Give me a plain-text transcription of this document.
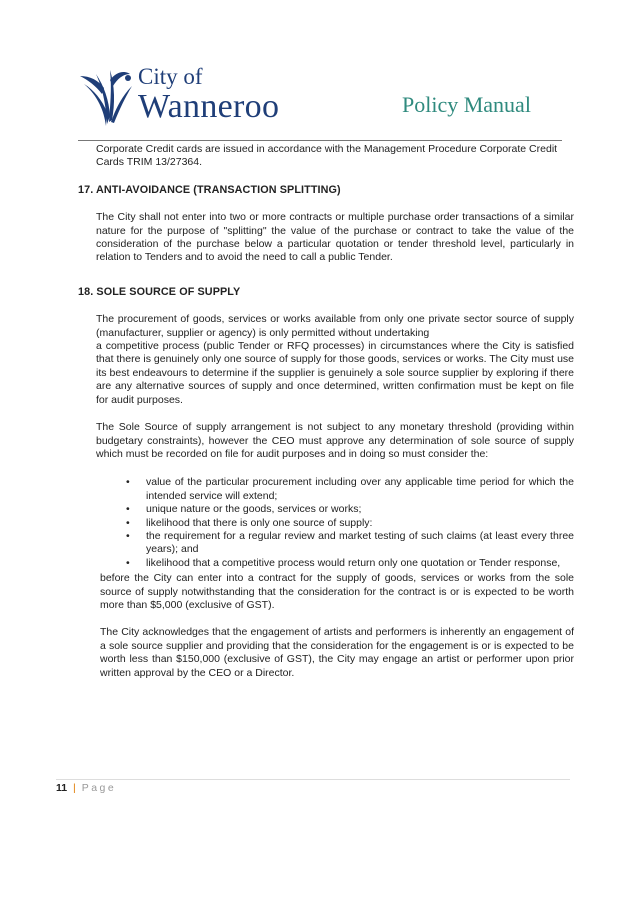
City of
Wanneroo	Policy Manual

Corporate Credit cards are issued in accordance with the Management Procedure Corporate Credit Cards TRIM 13/27364.

17. ANTI-AVOIDANCE (TRANSACTION SPLITTING)

The City shall not enter into two or more contracts or multiple purchase order transactions of a similar nature for the purpose of "splitting" the value of the purchase or contract to take the value of the consideration of the purchase below a particular quotation or tender threshold level, particularly in relation to Tenders and to avoid the need to call a public Tender.

18. SOLE SOURCE OF SUPPLY

The procurement of goods, services or works available from only one private sector source of supply (manufacturer, supplier or agency) is only permitted without undertaking

a competitive process (public Tender or RFQ processes) in circumstances where the City is satisfied that there is genuinely only one source of supply for those goods, services or works. The City must use its best endeavours to determine if the supplier is genuinely a sole source supplier by exploring if there are any alternative sources of supply and once determined, written confirmation must be kept on file for audit purposes.

The Sole Source of supply arrangement is not subject to any monetary threshold (providing within budgetary constraints), however the CEO must approve any determination of sole source of supply which must be recorded on file for audit purposes and in doing so must consider the:

• value of the particular procurement including over any applicable time period for which the intended service will extend;
• unique nature or the goods, services or works;
• likelihood that there is only one source of supply:
• the requirement for a regular review and market testing of such claims (at least every three years); and
• likelihood that a competitive process would return only one quotation or Tender response,

before the City can enter into a contract for the supply of goods, services or works from the sole source of supply notwithstanding that the consideration for the contract is or is expected to be worth more than $5,000 (exclusive of GST).

The City acknowledges that the engagement of artists and performers is inherently an engagement of a sole source supplier and providing that the consideration for the engagement is or is expected to be worth less than $150,000 (exclusive of GST), the City may engage an artist or performer upon prior written approval by the CEO or a Director.

11 | Page
